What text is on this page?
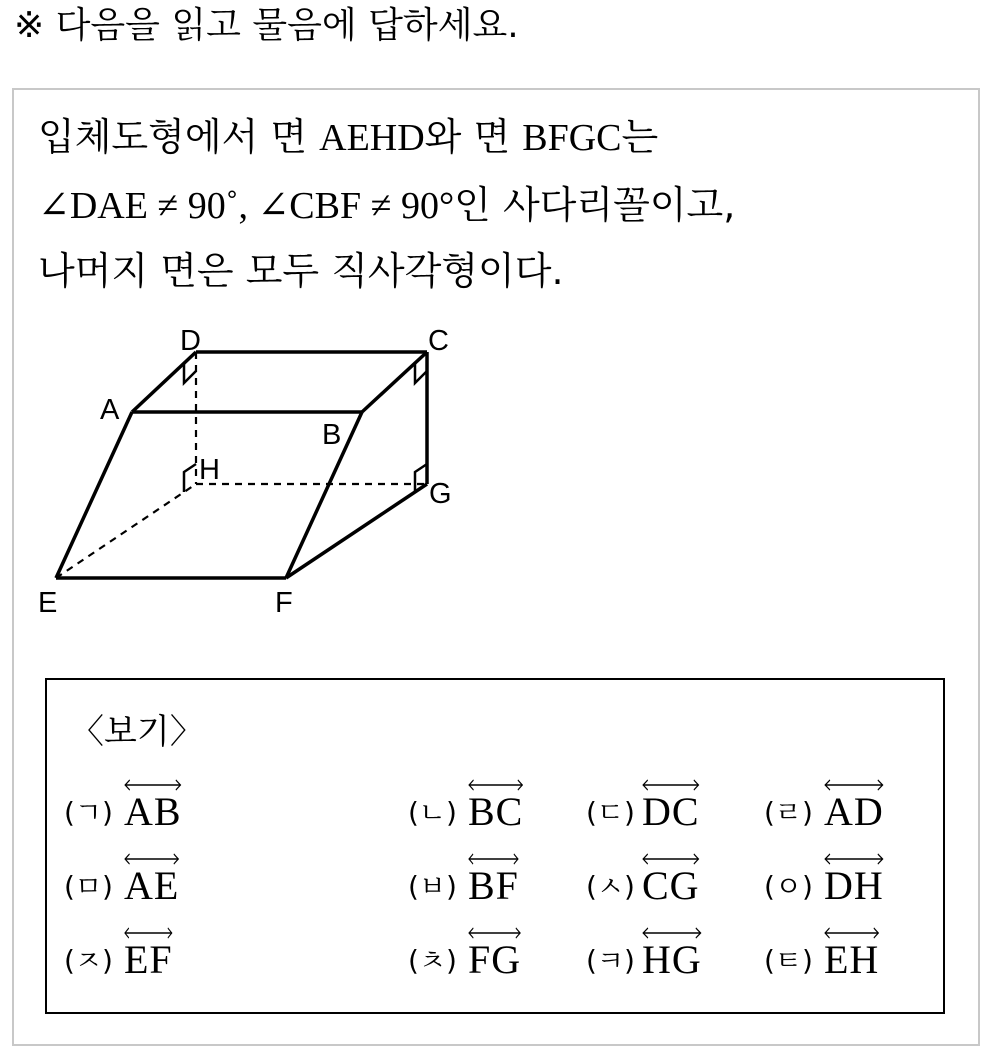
※ 다음을 읽고 물음에 답하세요.
입체도형에서 면 AEHD와 면 BFGC는
∠DAE ≠ 90˚, ∠CBF ≠ 90°인 사다리꼴이고,
나머지 면은 모두 직사각형이다.
D	C
A
B
H
G
E	F
〈보기〉
(ㄱ) AB	(ㄴ) BC (ㄷ) DC (ㄹ) AD
(ㅁ) AE	(ㅂ) BF (ㅅ) CG (ㅇ) DH
(ㅈ) EF	(ㅊ) FG (ㅋ) HG (ㅌ) EH
